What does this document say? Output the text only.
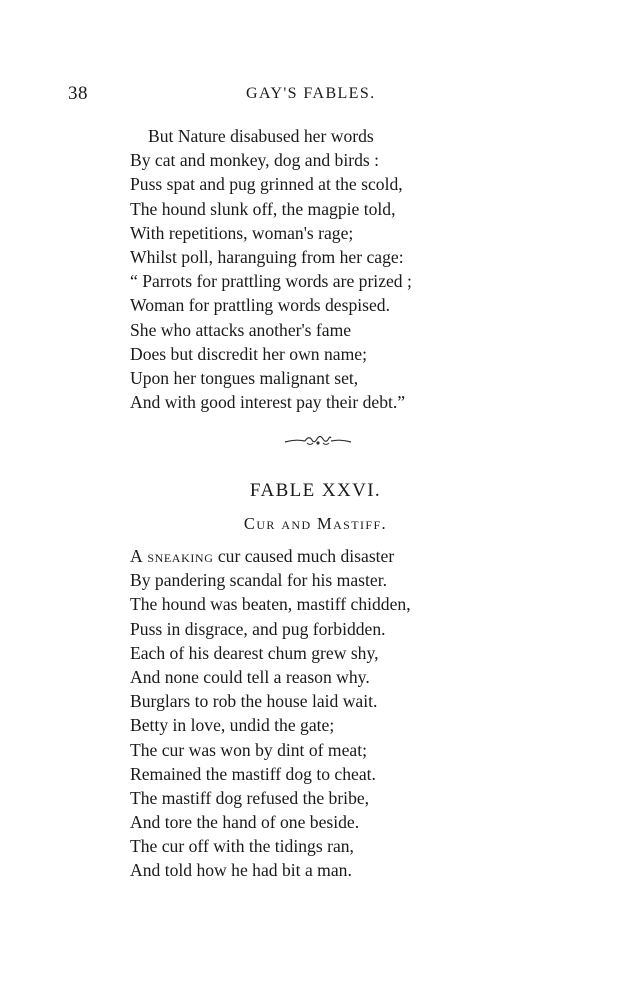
38	GAY'S FABLES.
But Nature disabused her words
By cat and monkey, dog and birds :
Puss spat and pug grinned at the scold,
The hound slunk off, the magpie told,
With repetitions, woman's rage;
Whilst poll, haranguing from her cage:
“ Parrots for prattling words are prized ;
Woman for prattling words despised.
She who attacks another's fame
Does but discredit her own name;
Upon her tongues malignant set,
And with good interest pay their debt.”
FABLE XXVI.
Cur and Mastiff.
A sneaking cur caused much disaster
By pandering scandal for his master.
The hound was beaten, mastiff chidden,
Puss in disgrace, and pug forbidden.
Each of his dearest chum grew shy,
And none could tell a reason why.
Burglars to rob the house laid wait.
Betty in love, undid the gate;
The cur was won by dint of meat;
Remained the mastiff dog to cheat.
The mastiff dog refused the bribe,
And tore the hand of one beside.
The cur off with the tidings ran,
And told how he had bit a man.
